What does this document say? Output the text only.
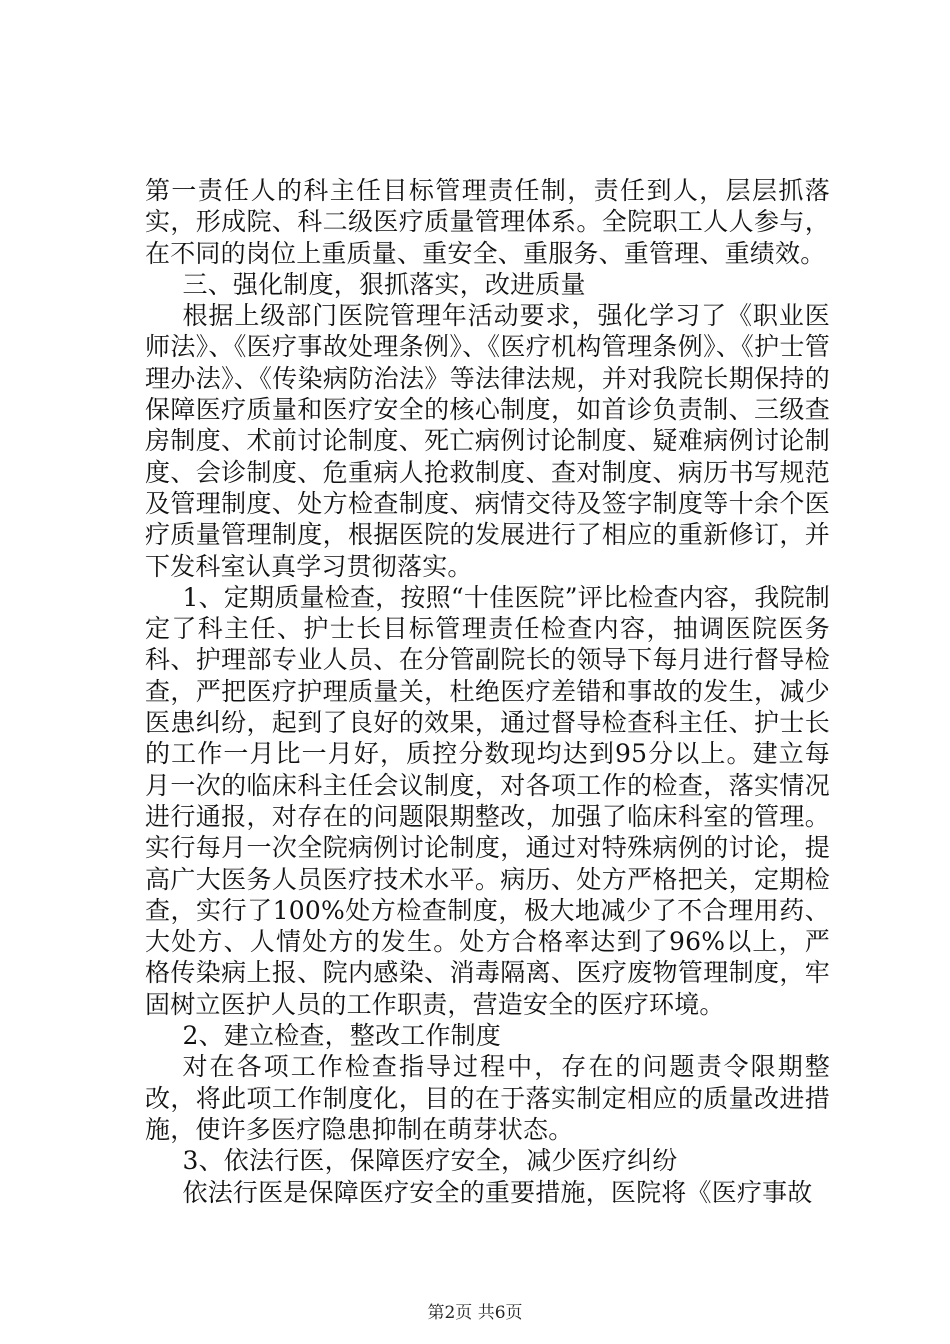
第一责任人的科主任目标管理责任制，责任到人，层层抓落实，形成院、科二级医疗质量管理体系。全院职工人人参与，在不同的岗位上重质量、重安全、重服务、重管理、重绩效。

三、强化制度，狠抓落实，改进质量

根据上级部门医院管理年活动要求，强化学习了《职业医师法》、《医疗事故处理条例》、《医疗机构管理条例》、《护士管理办法》、《传染病防治法》等法律法规，并对我院长期保持的保障医疗质量和医疗安全的核心制度，如首诊负责制、三级查房制度、术前讨论制度、死亡病例讨论制度、疑难病例讨论制度、会诊制度、危重病人抢救制度、查对制度、病历书写规范及管理制度、处方检查制度、病情交待及签字制度等十余个医疗质量管理制度，根据医院的发展进行了相应的重新修订，并下发科室认真学习贯彻落实。

1、定期质量检查，按照“十佳医院”评比检查内容，我院制定了科主任、护士长目标管理责任检查内容，抽调医院医务科、护理部专业人员、在分管副院长的领导下每月进行督导检查，严把医疗护理质量关，杜绝医疗差错和事故的发生，减少医患纠纷，起到了良好的效果，通过督导检查科主任、护士长的工作一月比一月好，质控分数现均达到95分以上。建立每月一次的临床科主任会议制度，对各项工作的检查，落实情况进行通报，对存在的问题限期整改，加强了临床科室的管理。实行每月一次全院病例讨论制度，通过对特殊病例的讨论，提高广大医务人员医疗技术水平。病历、处方严格把关，定期检查，实行了100%处方检查制度，极大地减少了不合理用药、大处方、人情处方的发生。处方合格率达到了96%以上，严格传染病上报、院内感染、消毒隔离、医疗废物管理制度，牢固树立医护人员的工作职责，营造安全的医疗环境。

2、建立检查，整改工作制度

对在各项工作检查指导过程中，存在的问题责令限期整改，将此项工作制度化，目的在于落实制定相应的质量改进措施，使许多医疗隐患抑制在萌芽状态。

3、依法行医，保障医疗安全，减少医疗纠纷

依法行医是保障医疗安全的重要措施，医院将《医疗事故

第2页 共6页
